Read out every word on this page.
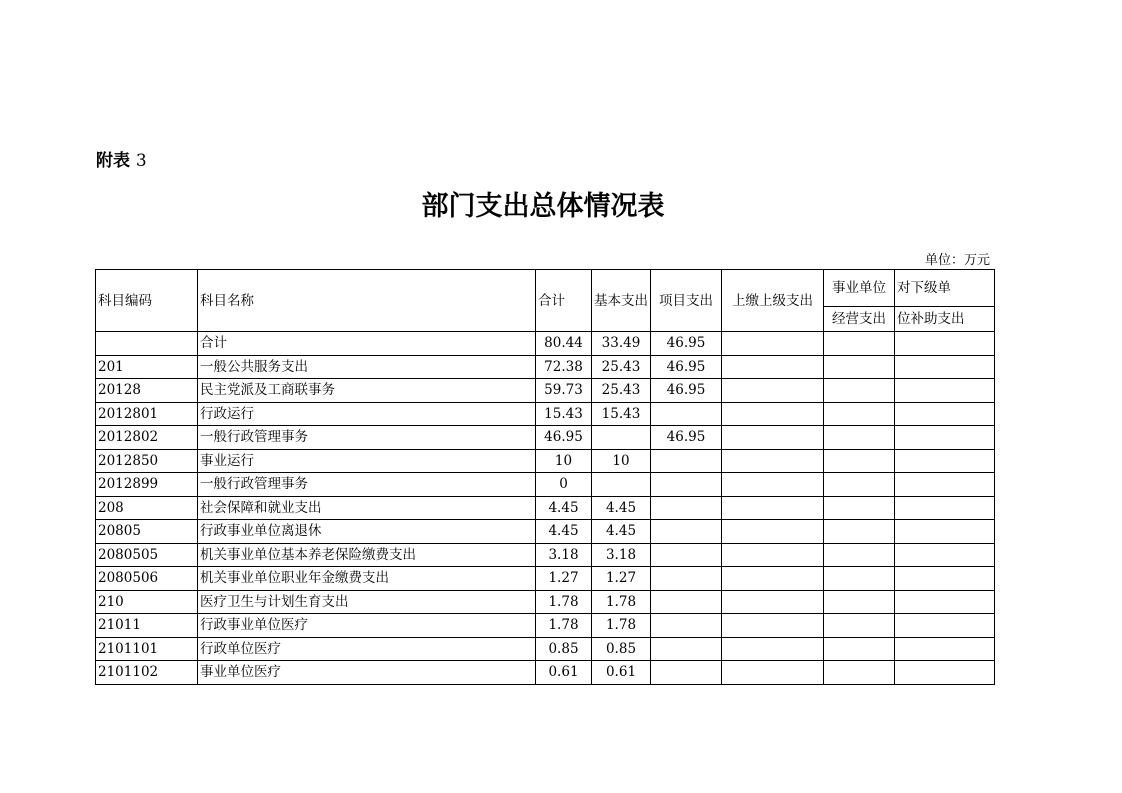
附表 3
部门支出总体情况表
单位：万元
科目编码	科目名称	合计	基本支出	项目支出	上缴上级支出	事业单位	对下级单
						经营支出	位补助支出
	合计	80.44	33.49	46.95			
201	一般公共服务支出	72.38	25.43	46.95			
20128	民主党派及工商联事务	59.73	25.43	46.95			
2012801	行政运行	15.43	15.43				
2012802	一般行政管理事务	46.95		46.95			
2012850	事业运行	10	10				
2012899	一般行政管理事务	0					
208	社会保障和就业支出	4.45	4.45				
20805	行政事业单位离退休	4.45	4.45				
2080505	机关事业单位基本养老保险缴费支出	3.18	3.18				
2080506	机关事业单位职业年金缴费支出	1.27	1.27				
210	医疗卫生与计划生育支出	1.78	1.78				
21011	行政事业单位医疗	1.78	1.78				
2101101	行政单位医疗	0.85	0.85				
2101102	事业单位医疗	0.61	0.61				
